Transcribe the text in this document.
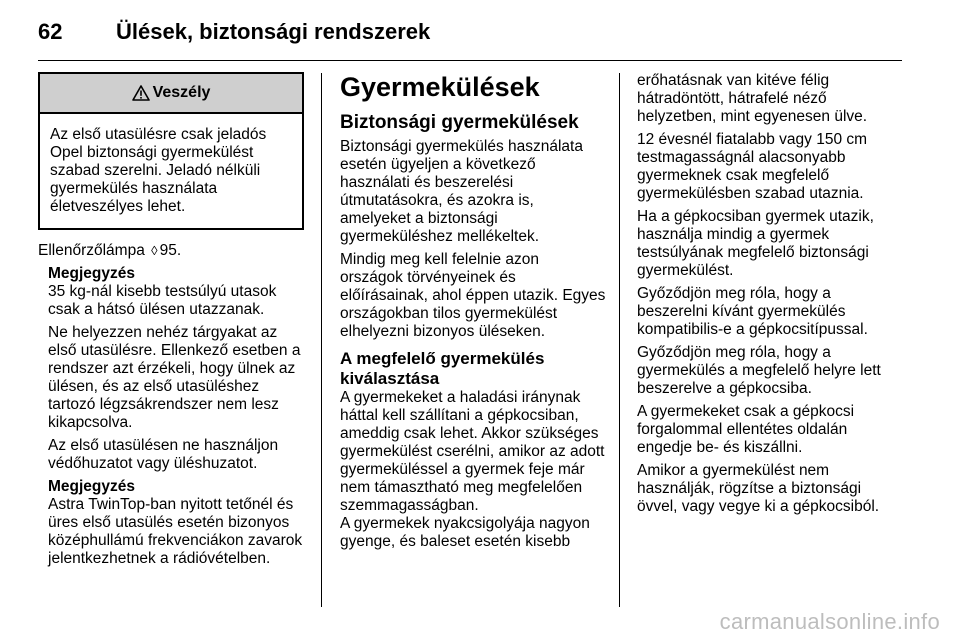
62 Ülések, biztonsági rendszerek
Veszély
Az első utasülésre csak jeladós Opel biztonsági gyermekülést szabad szerelni. Jeladó nélküli gyermekülés használata életveszélyes lehet.

Ellenőrzőlámpa ◊ 95.

Megjegyzés

35 kg-nál kisebb testsúlyú utasok csak a hátsó ülésen utazzanak.

Ne helyezzen nehéz tárgyakat az első utasülésre. Ellenkező esetben a rendszer azt érzékeli, hogy ülnek az ülésen, és az első utasüléshez tartozó légzsákrendszer nem lesz kikapcsolva.

Az első utasülésen ne használjon védőhuzatot vagy üléshuzatot.

Megjegyzés

Astra TwinTop-ban nyitott tetőnél és üres első utasülés esetén bizonyos középhullámú frekvenciákon zavarok jelentkezhetnek a rádióvételben.

Gyermekülések
Biztonsági gyermekülések

Biztonsági gyermekülés használata esetén ügyeljen a következő használati és beszerelési útmutatásokra, és azokra is, amelyeket a biztonsági gyermeküléshez mellékeltek.

Mindig meg kell felelnie azon országok törvényeinek és előírásainak, ahol éppen utazik. Egyes országokban tilos gyermekülést elhelyezni bizonyos üléseken.

A megfelelő gyermekülés kiválasztása

A gyermekeket a haladási iránynak háttal kell szállítani a gépkocsiban, ameddig csak lehet. Akkor szükséges gyermekülést cserélni, amikor az adott gyermeküléssel a gyermek feje már nem támasztható meg megfelelően szemmagasságban.

A gyermekek nyakcsigolyája nagyon gyenge, és baleset esetén kisebb

erőhatásnak van kitéve félig hátradöntött, hátrafelé néző helyzetben, mint egyenesen ülve.

12 évesnél fiatalabb vagy 150 cm testmagasságnál alacsonyabb gyermeknek csak megfelelő gyermekülésben szabad utaznia.

Ha a gépkocsiban gyermek utazik, használja mindig a gyermek testsúlyának megfelelő biztonsági gyermekülést.

Győződjön meg róla, hogy a beszerelni kívánt gyermekülés kompatibilis-e a gépkocsitípussal.

Győződjön meg róla, hogy a gyermekülés a megfelelő helyre lett beszerelve a gépkocsiba.

A gyermekeket csak a gépkocsi forgalommal ellentétes oldalán engedje be- és kiszállni.

Amikor a gyermekülést nem használják, rögzítse a biztonsági övvel, vagy vegye ki a gépkocsiból.

carmanualsonline.info
